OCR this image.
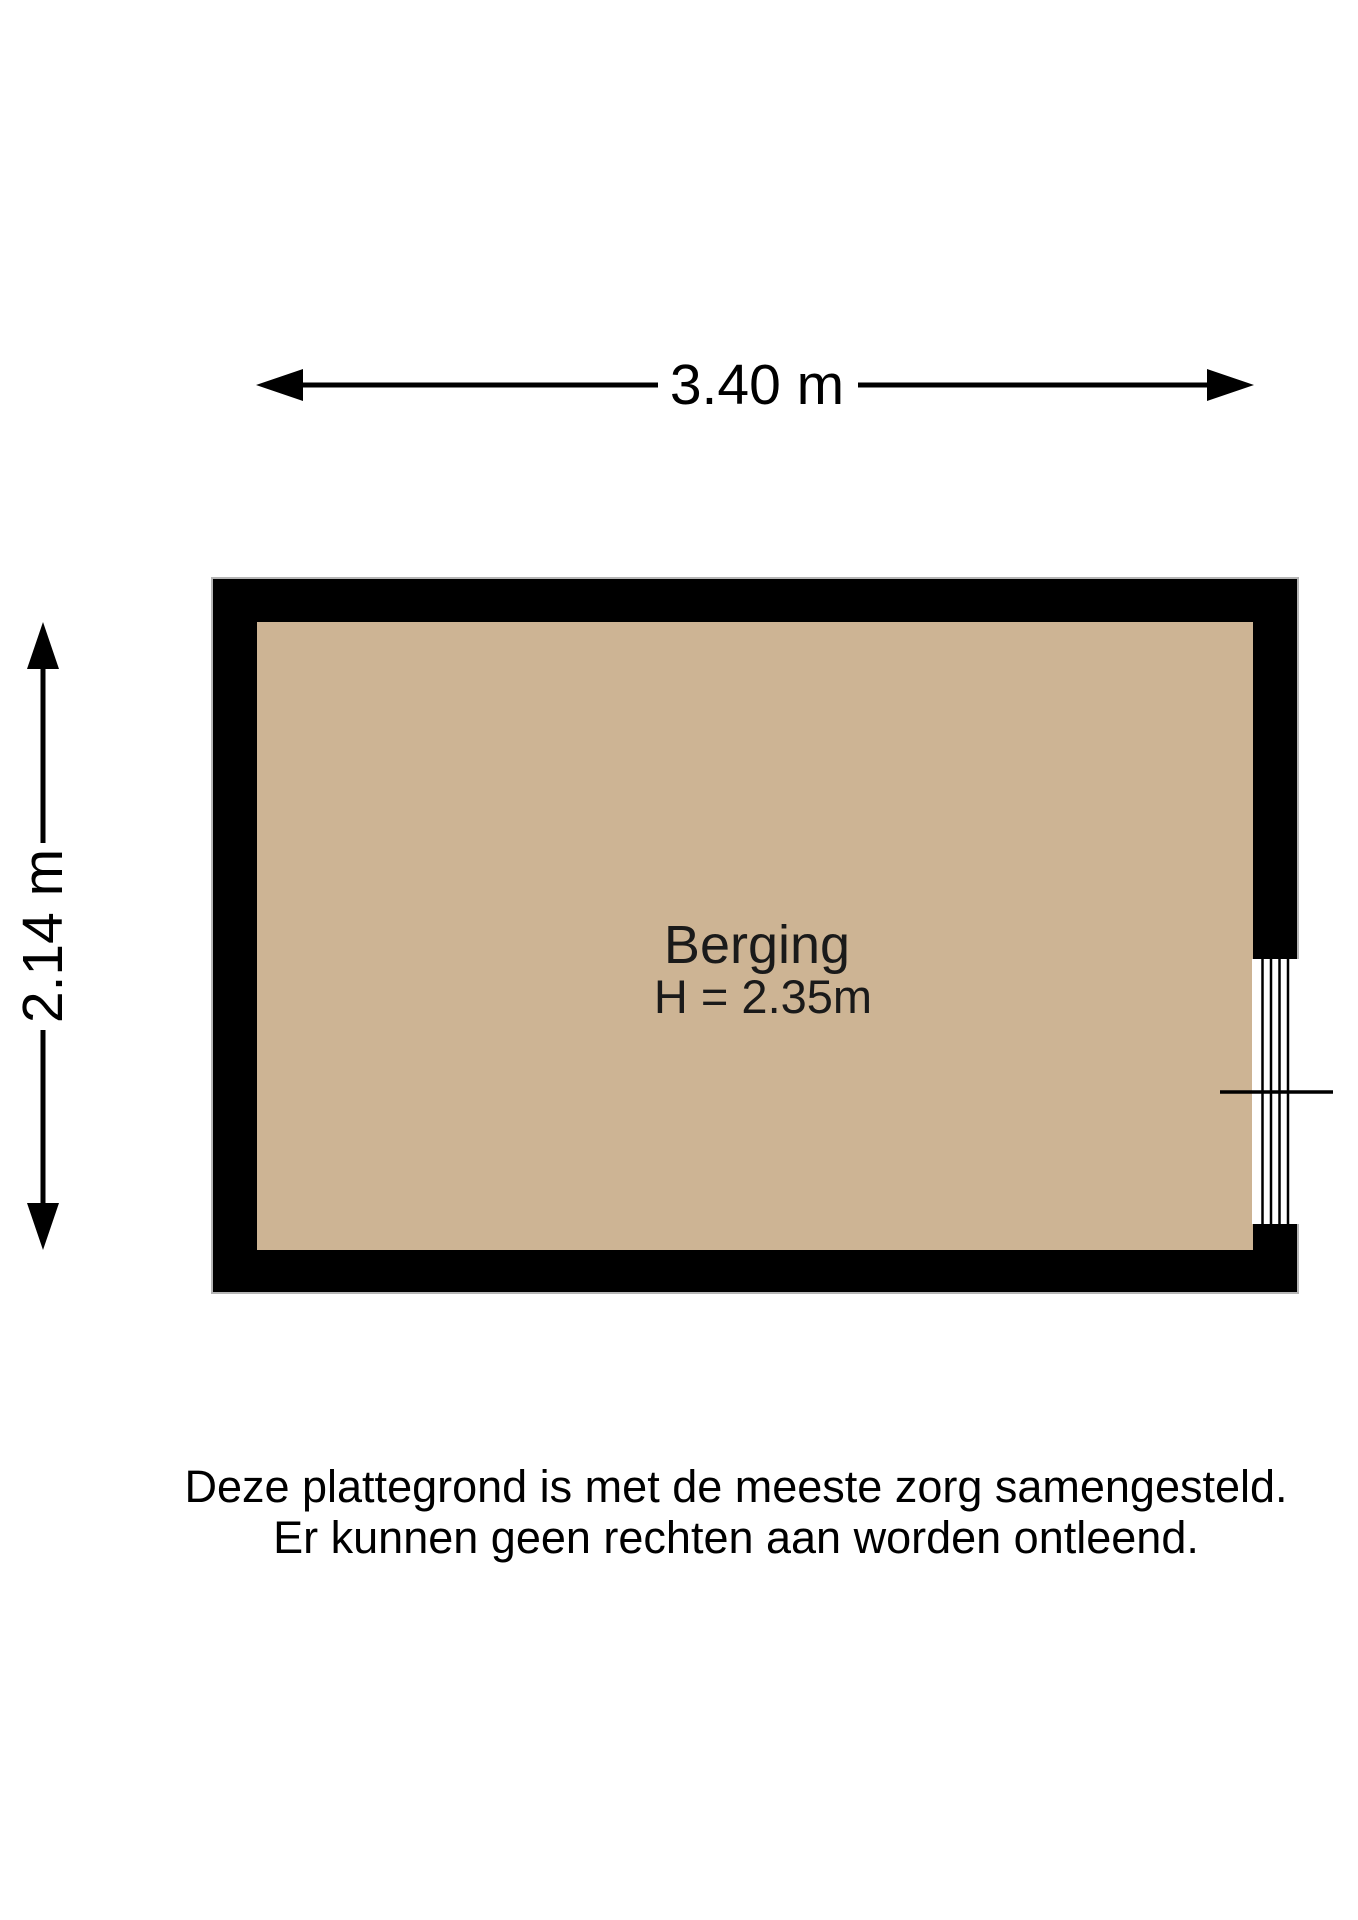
3.40 m
2.14 m	Berging
H = 2.35m
Deze plattegrond is met de meeste zorg samengesteld.
Er kunnen geen rechten aan worden ontleend.
